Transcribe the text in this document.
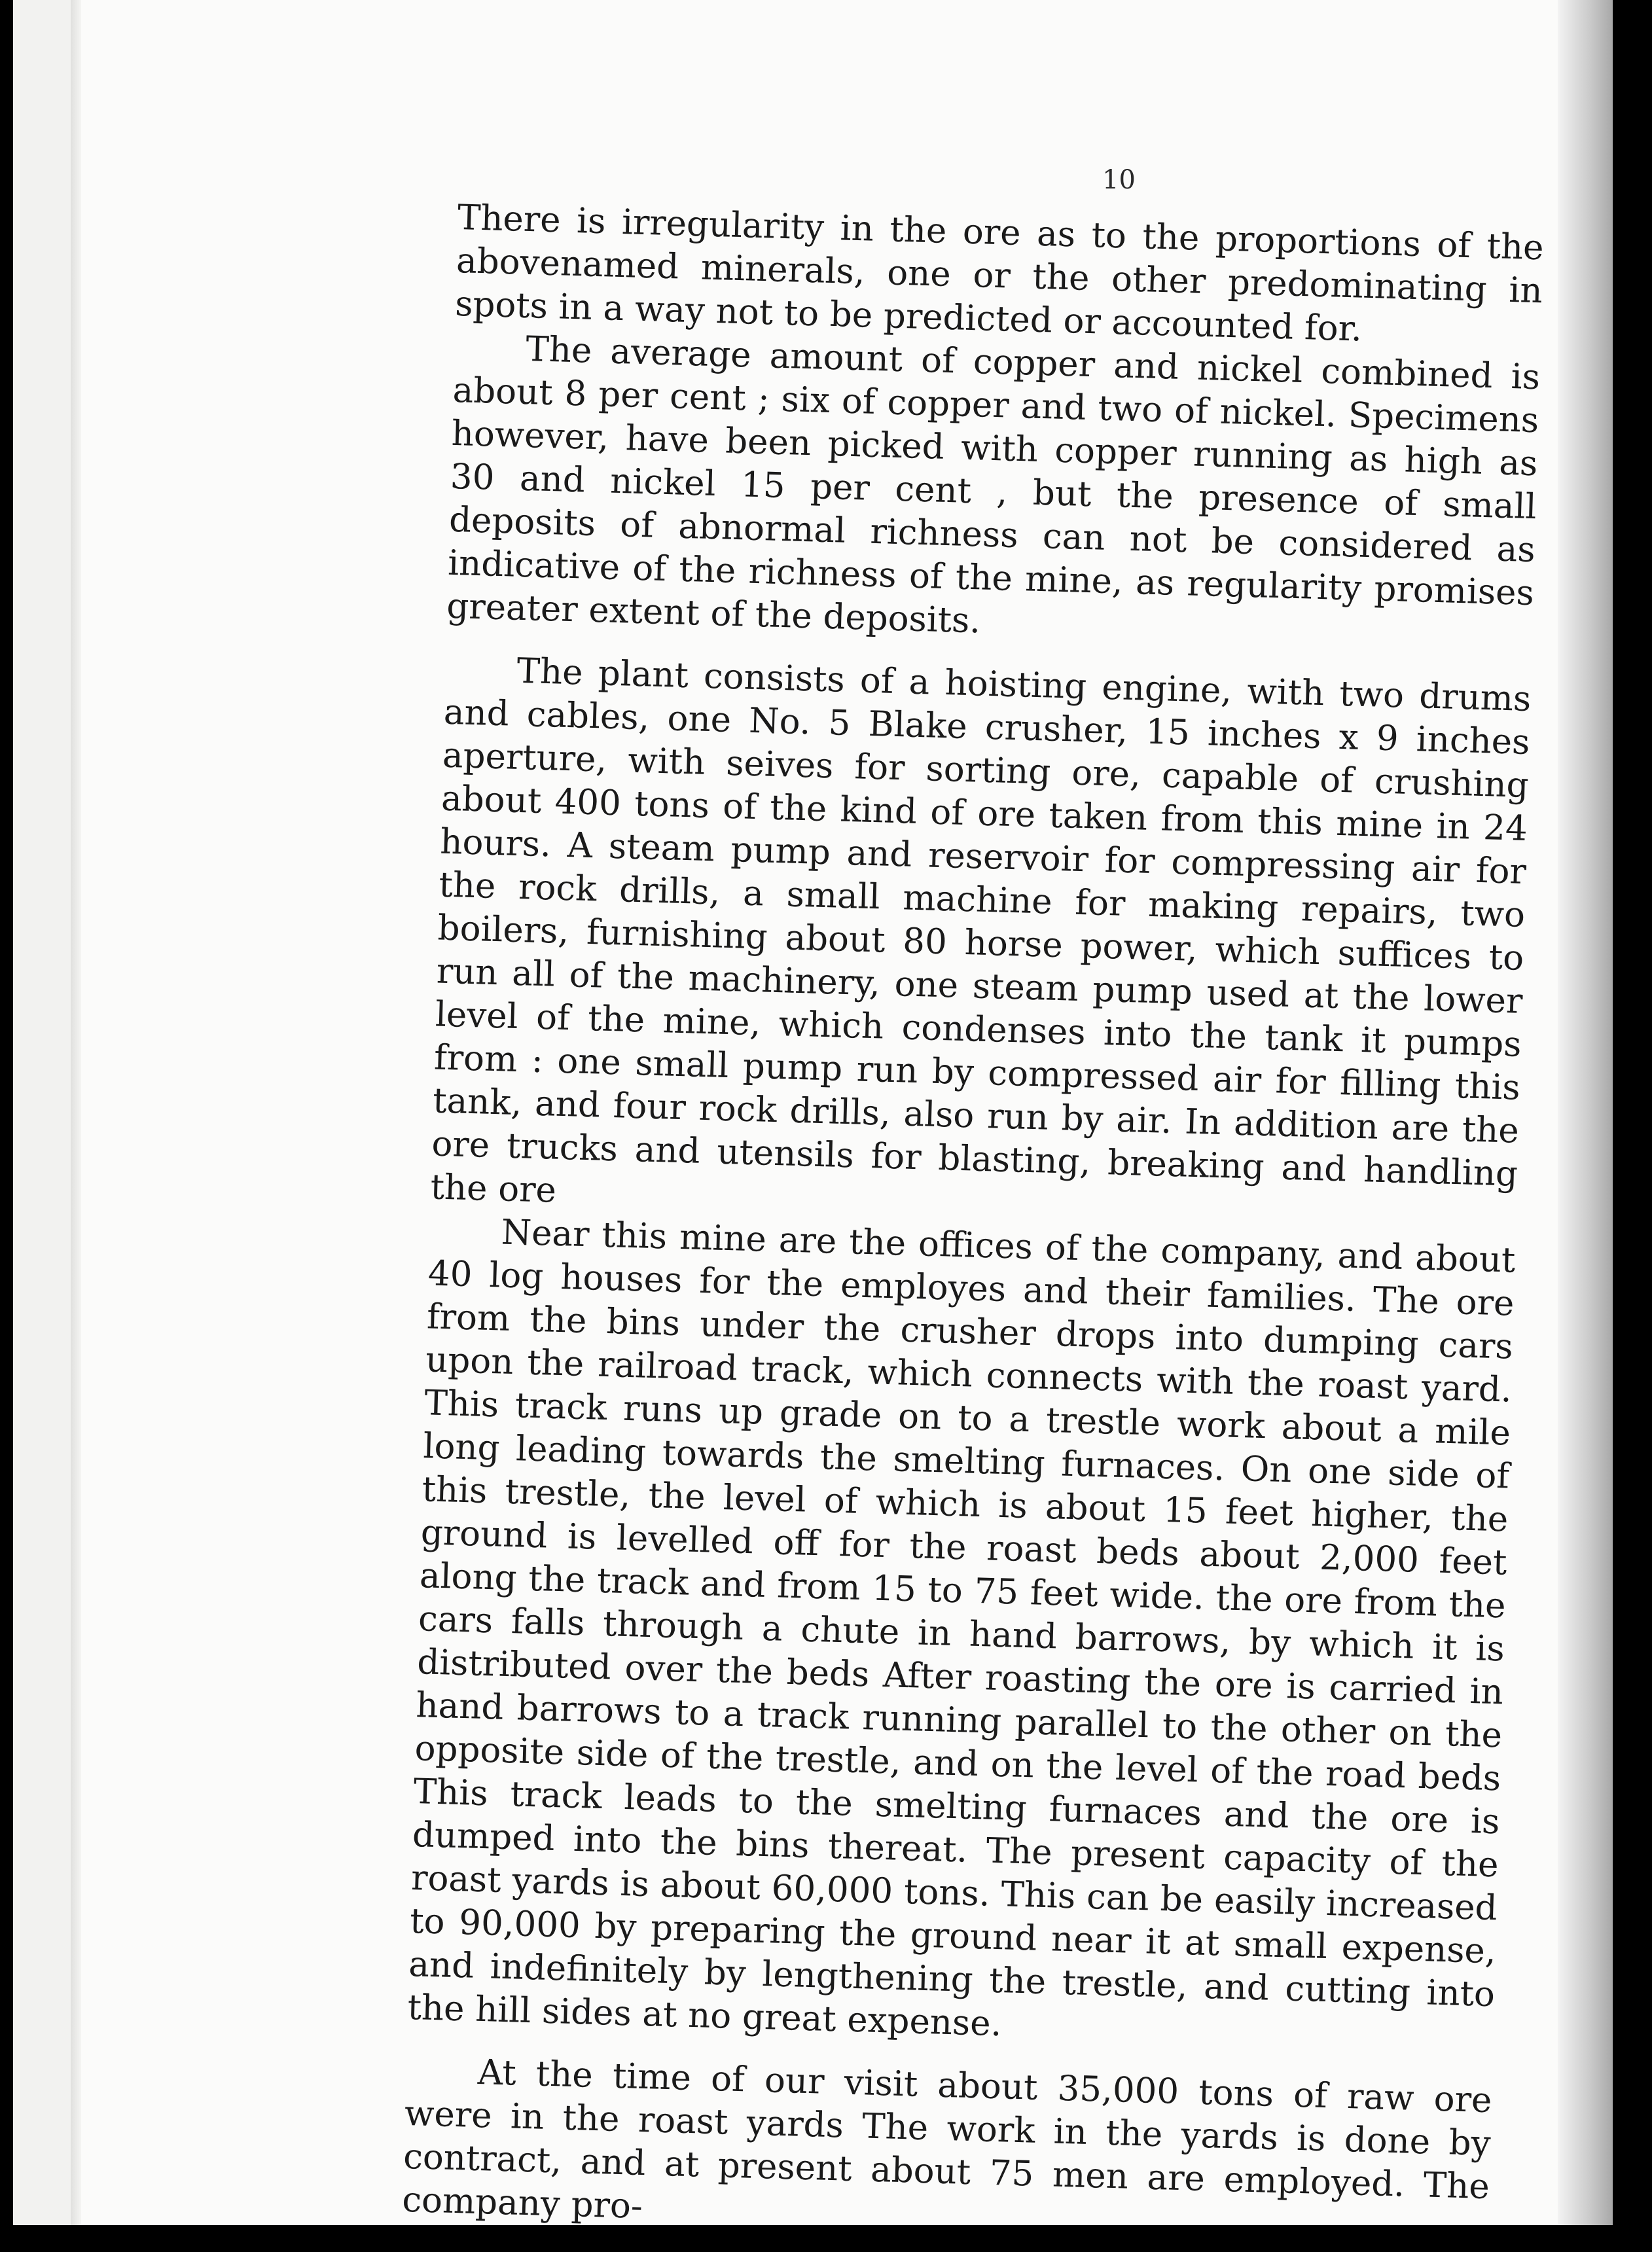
10

There is irregularity in the ore as to the proportions of the abovenamed minerals, one or the other predominating in spots in a way not to be predicted or accounted for.

The average amount of copper and nickel combined is about 8 per cent ; six of copper and two of nickel. Specimens however, have been picked with copper running as high as 30 and nickel 15 per cent , but the presence of small deposits of abnormal richness can not be considered as indicative of the richness of the mine, as regularity promises greater extent of the deposits.

The plant consists of a hoisting engine, with two drums and cables, one No. 5 Blake crusher, 15 inches x 9 inches aperture, with seives for sorting ore, capable of crushing about 400 tons of the kind of ore taken from this mine in 24 hours. A steam pump and reservoir for compressing air for the rock drills, a small machine for making repairs, two boilers, furnishing about 80 horse power, which suffices to run all of the machinery, one steam pump used at the lower level of the mine, which condenses into the tank it pumps from : one small pump run by compressed air for filling this tank, and four rock drills, also run by air. In addition are the ore trucks and utensils for blasting, breaking and handling the ore

Near this mine are the offices of the company, and about 40 log houses for the employes and their families. The ore from the bins under the crusher drops into dumping cars upon the railroad track, which connects with the roast yard. This track runs up grade on to a trestle work about a mile long leading towards the smelting furnaces. On one side of this trestle, the level of which is about 15 feet higher, the ground is levelled off for the roast beds about 2,000 feet along the track and from 15 to 75 feet wide. the ore from the cars falls through a chute in hand barrows, by which it is distributed over the beds After roasting the ore is carried in hand barrows to a track running parallel to the other on the opposite side of the trestle, and on the level of the road beds This track leads to the smelting furnaces and the ore is dumped into the bins thereat. The present capacity of the roast yards is about 60,000 tons. This can be easily increased to 90,000 by preparing the ground near it at small expense, and indefinitely by lengthening the trestle, and cutting into the hill sides at no great expense.

At the time of our visit about 35,000 tons of raw ore were in the roast yards The work in the yards is done by contract, and at present about 75 men are employed. The company pro-
